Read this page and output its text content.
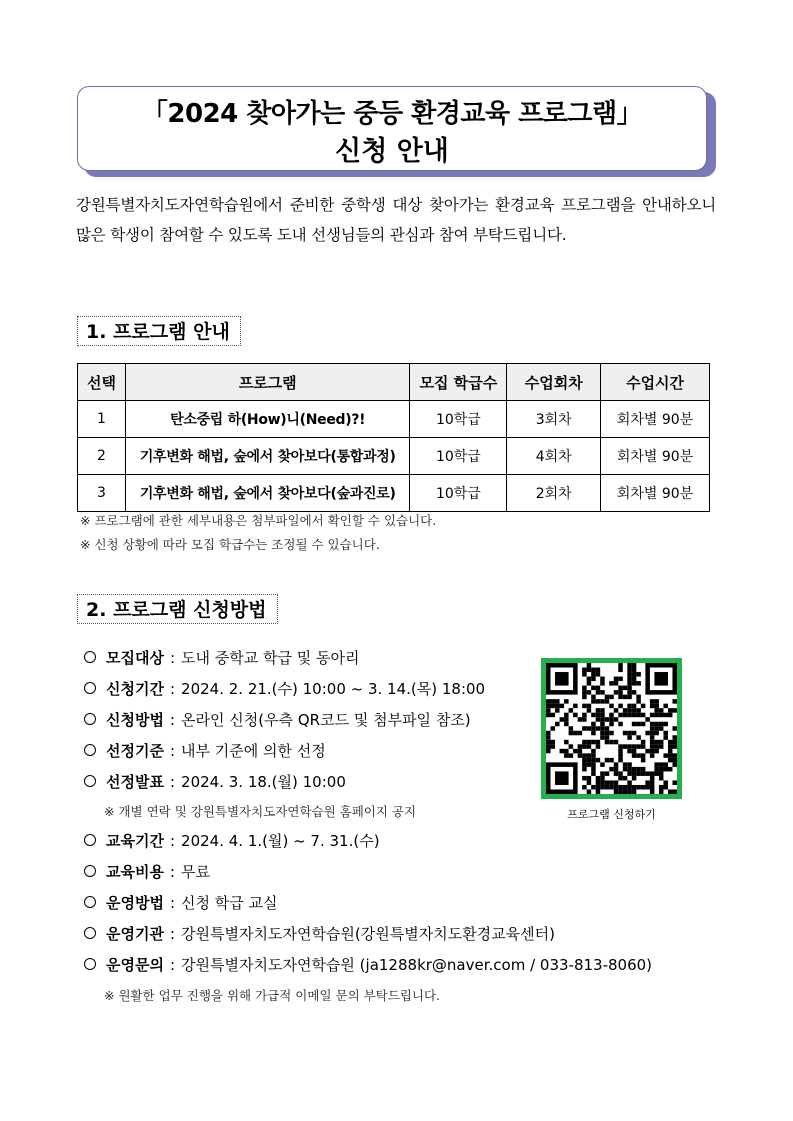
「2024 찾아가는 중등 환경교육 프로그램」
신청 안내
강원특별자치도자연학습원에서 준비한 중학생 대상 찾아가는 환경교육 프로그램을 안내하오니 많은 학생이 참여할 수 있도록 도내 선생님들의 관심과 참여 부탁드립니다.
1. 프로그램 안내
선택	프로그램	모집 학급수	수업회차	수업시간
1	탄소중립 하(How)니(Need)?!	10학급	3회차	회차별 90분
2	기후변화 해법, 숲에서 찾아보다(통합과정)	10학급	4회차	회차별 90분
3	기후변화 해법, 숲에서 찾아보다(숲과진로)	10학급	2회차	회차별 90분
※ 프로그램에 관한 세부내용은 첨부파일에서 확인할 수 있습니다.
※ 신청 상황에 따라 모집 학급수는 조정될 수 있습니다.
2. 프로그램 신청방법
모집대상 : 도내 중학교 학급 및 동아리
신청기간 : 2024. 2. 21.(수) 10:00 ~ 3. 14.(목) 18:00
신청방법 : 온라인 신청(우측 QR코드 및 첨부파일 참조)
선정기준 : 내부 기준에 의한 선정
선정발표 : 2024. 3. 18.(월) 10:00
※ 개별 연락 및 강원특별자치도자연학습원 홈페이지 공지
교육기간 : 2024. 4. 1.(월) ~ 7. 31.(수)
교육비용 : 무료
운영방법 : 신청 학급 교실
운영기관 : 강원특별자치도자연학습원(강원특별자치도환경교육센터)
운영문의 : 강원특별자치도자연학습원 (ja1288kr@naver.com / 033-813-8060)
※ 원활한 업무 진행을 위해 가급적 이메일 문의 부탁드립니다.
프로그램 신청하기
